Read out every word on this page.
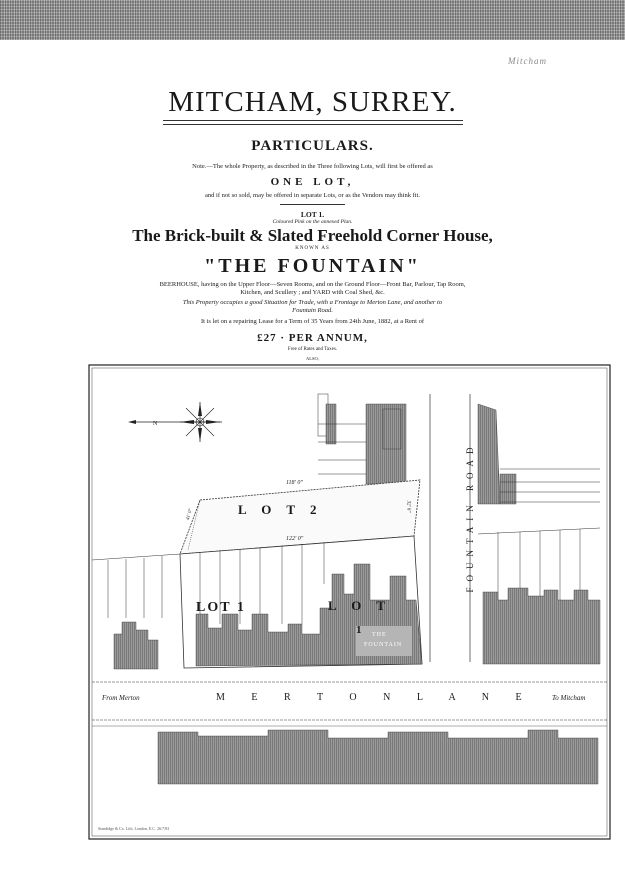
Mitcham
MITCHAM, SURREY.
PARTICULARS.
Note.—The whole Property, as described in the Three following Lots, will first be offered as
ONE LOT,
and if not so sold, may be offered in separate Lots, or as the Vendors may think fit.
LOT 1.
Coloured Pink on the annexed Plan.
The Brick-built & Slated Freehold Corner House,
KNOWN AS
"THE FOUNTAIN"
BEERHOUSE, having on the Upper Floor—Seven Rooms, and on the Ground Floor—Front Bar, Parlour, Tap Room,
Kitchen, and Scullery ; and YARD with Coal Shed, &c.
This Property occupies a good Situation for Trade, with a Frontage to Merton Lane, and another to
Fountain Road.
It is let on a repairing Lease for a Term of 35 Years from 24th June, 1882, at a Rent of
£27 · PER ANNUM,
Free of Rates and Taxes.
ALSO,
N
L O T 2
118' 0"
122' 0"
41' 0"
32' 6"
LOT 1	L O T
1 THE
FOUNTAIN
FOUNTAIN ROAD
M E R T O N L A N E
From Merton	To Mitcham
Standidge & Co. Lith. London, E.C. 26/7/83
